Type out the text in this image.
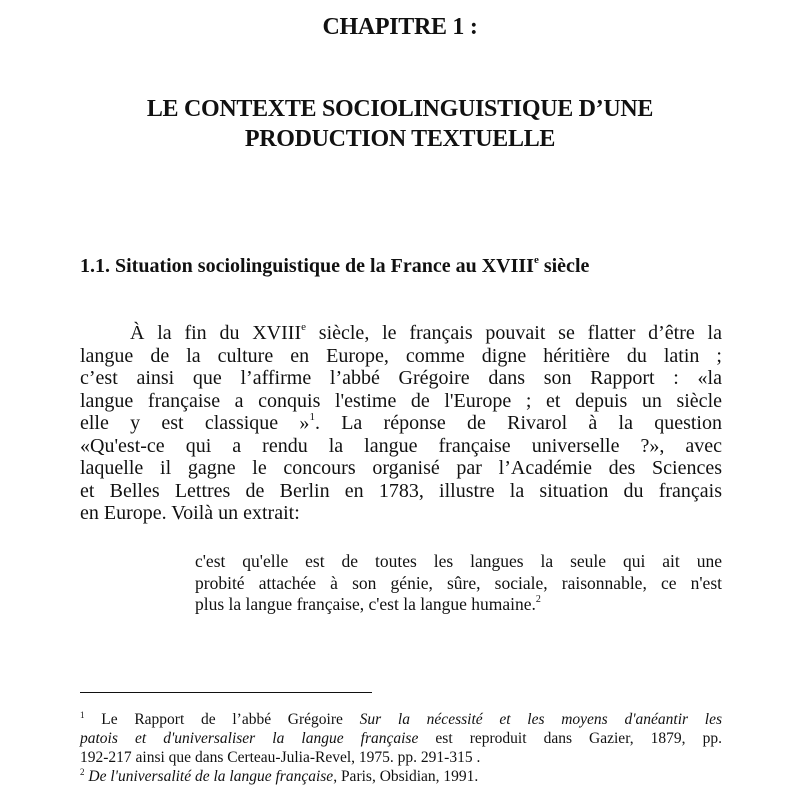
CHAPITRE 1 :
LE CONTEXTE SOCIOLINGUISTIQUE D’UNE
PRODUCTION TEXTUELLE
1.1. Situation sociolinguistique de la France au XVIIIe siècle
À la fin du XVIIIe siècle, le français pouvait se flatter d’être la
langue de la culture en Europe, comme digne héritière du latin ;
c’est ainsi que l’affirme l’abbé Grégoire dans son Rapport : «la
langue française a conquis l'estime de l'Europe ; et depuis un siècle
elle y est classique »$^1$. La réponse de Rivarol à la question
«Qu'est-ce qui a rendu la langue française universelle ?», avec
laquelle il gagne le concours organisé par l’Académie des Sciences
et Belles Lettres de Berlin en 1783, illustre la situation du français
en Europe. Voilà un extrait:
c'est qu'elle est de toutes les langues la seule qui ait une
probité attachée à son génie, sûre, sociale, raisonnable, ce n'est
plus la langue française, c'est la langue humaine.$^2$
$^1$ Le Rapport de l’abbé Grégoire Sur la nécessité et les moyens d'anéantir les
patois et d'universaliser la langue française est reproduit dans Gazier, 1879, pp.
192-217 ainsi que dans Certeau-Julia-Revel, 1975. pp. 291-315 .
$^2$ De l'universalité de la langue française, Paris, Obsidian, 1991.
